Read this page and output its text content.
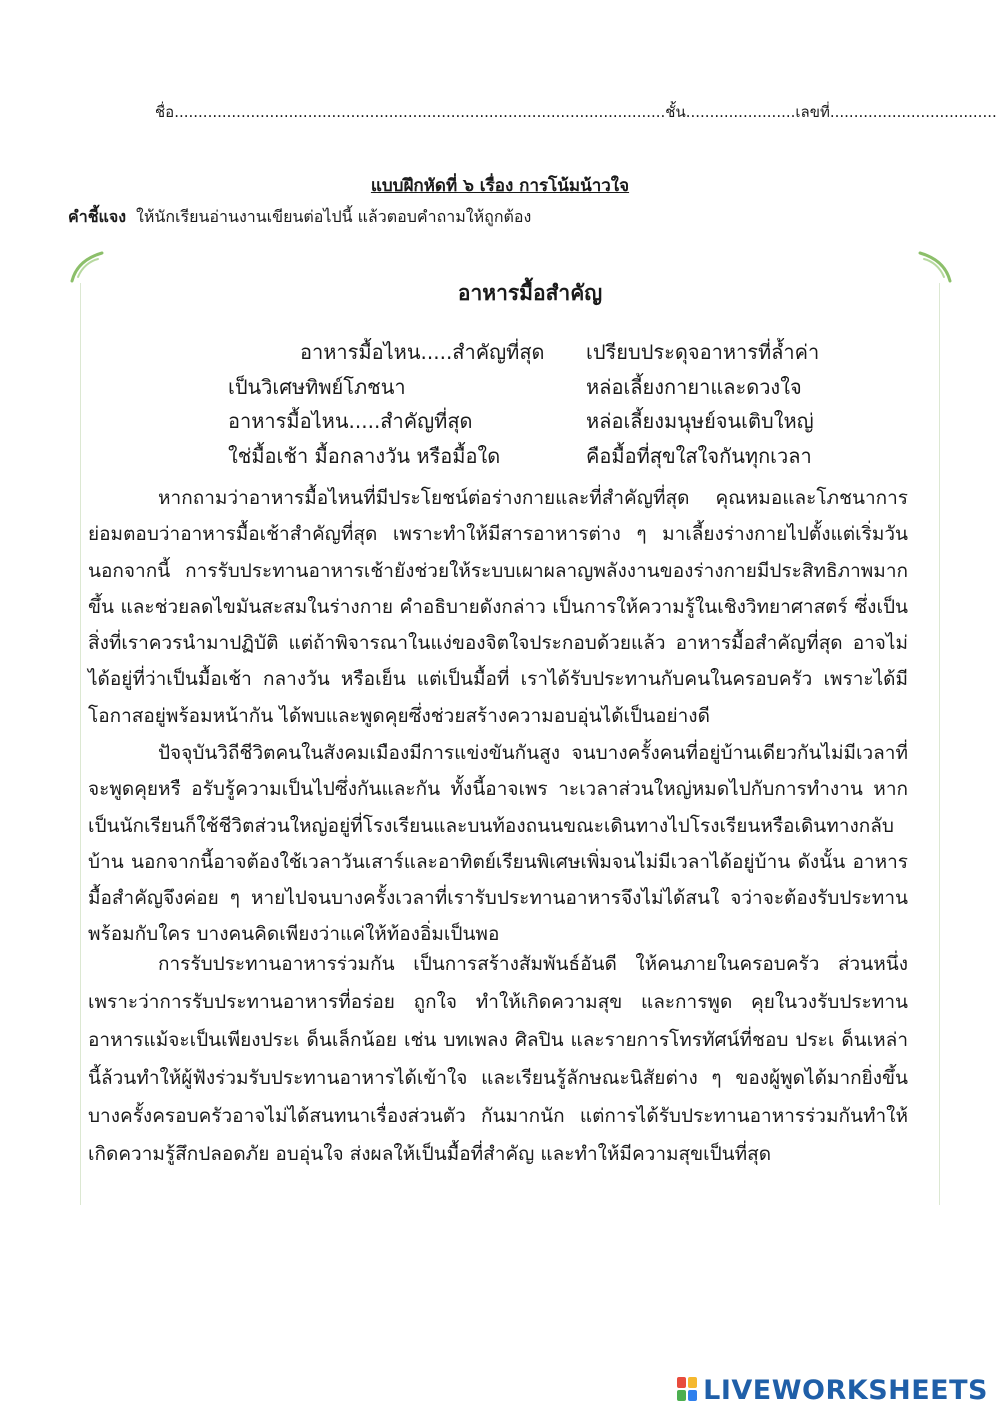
ชื่อ.......................................................................................................ชั้น.......................เลขที่...................................
แบบฝึกหัดที่ ๖ เรื่อง การโน้มน้าวใจ
คำชี้แจง ให้นักเรียนอ่านงานเขียนต่อไปนี้ แล้วตอบคำถามให้ถูกต้อง
อาหารมื้อสำคัญ
อาหารมื้อไหน.....สำคัญที่สุด เปรียบประดุจอาหารที่ล้ำค่า
เป็นวิเศษทิพย์โภชนา	หล่อเลี้ยงกายาและดวงใจ
อาหารมื้อไหน.....สำคัญที่สุด	หล่อเลี้ยงมนุษย์จนเติบใหญ่
ใช่มื้อเช้า มื้อกลางวัน หรือมื้อใด	คือมื้อที่สุขใสใจกันทุกเวลา

หากถามว่าอาหารมื้อไหนที่มีประโยชน์ต่อร่างกายและที่สำคัญที่สุด คุณหมอและโภชนาการย่อมตอบว่าอาหารมื้อเช้าสำคัญที่สุด เพราะทำให้มีสารอาหารต่าง ๆ มาเลี้ยงร่างกายไปตั้งแต่เริ่มวัน นอกจากนี้ การรับประทานอาหารเช้ายังช่วยให้ระบบเผาผลาญพลังงานของร่างกายมีประสิทธิภาพมากขึ้น และช่วยลดไขมันสะสมในร่างกาย คำอธิบายดังกล่าว เป็นการให้ความรู้ในเชิงวิทยาศาสตร์ ซึ่งเป็นสิ่งที่เราควรนำมาปฏิบัติ แต่ถ้าพิจารณาในแง่ของจิตใจประกอบด้วยแล้ว อาหารมื้อสำคัญที่สุด อาจไม่ได้อยู่ที่ว่าเป็นมื้อเช้า กลางวัน หรือเย็น แต่เป็นมื้อที่ เราได้รับประทานกับคนในครอบครัว เพราะได้มีโอกาสอยู่พร้อมหน้ากัน ได้พบและพูดคุยซึ่งช่วยสร้างความอบอุ่นได้เป็นอย่างดี

ปัจจุบันวิถีชีวิตคนในสังคมเมืองมีการแข่งขันกันสูง จนบางครั้งคนที่อยู่บ้านเดียวกันไม่มีเวลาที่จะพูดคุยหรื อรับรู้ความเป็นไปซึ่งกันและกัน ทั้งนี้อาจเพร าะเวลาส่วนใหญ่หมดไปกับการทำงาน หากเป็นนักเรียนก็ใช้ชีวิตส่วนใหญ่อยู่ที่โรงเรียนและบนท้องถนนขณะเดินทางไปโรงเรียนหรือเดินทางกลับบ้าน นอกจากนี้อาจต้องใช้เวลาวันเสาร์และอาทิตย์เรียนพิเศษเพิ่มจนไม่มีเวลาได้อยู่บ้าน ดังนั้น อาหารมื้อสำคัญจึงค่อย ๆ หายไปจนบางครั้งเวลาที่เรารับประทานอาหารจึงไม่ได้สนใ จว่าจะต้องรับประทานพร้อมกับใคร บางคนคิดเพียงว่าแค่ให้ท้องอิ่มเป็นพอ

การรับประทานอาหารร่วมกัน เป็นการสร้างสัมพันธ์อันดี ให้คนภายในครอบครัว ส่วนหนึ่ง เพราะว่าการรับประทานอาหารที่อร่อย ถูกใจ ทำให้เกิดความสุข และการพูด คุยในวงรับประทานอาหารแม้จะเป็นเพียงประเ ด็นเล็กน้อย เช่น บทเพลง ศิลปิน และรายการโทรทัศน์ที่ชอบ ประเ ด็นเหล่านี้ล้วนทำให้ผู้ฟังร่วมรับประทานอาหารได้เข้าใจ และเรียนรู้ลักษณะนิสัยต่าง ๆ ของผู้พูดได้มากยิ่งขึ้น บางครั้งครอบครัวอาจไม่ได้สนทนาเรื่องส่วนตัว กันมากนัก แต่การได้รับประทานอาหารร่วมกันทำให้เกิดความรู้สึกปลอดภัย อบอุ่นใจ ส่งผลให้เป็นมื้อที่สำคัญ และทำให้มีความสุขเป็นที่สุด

LIVEWORKSHEETS
